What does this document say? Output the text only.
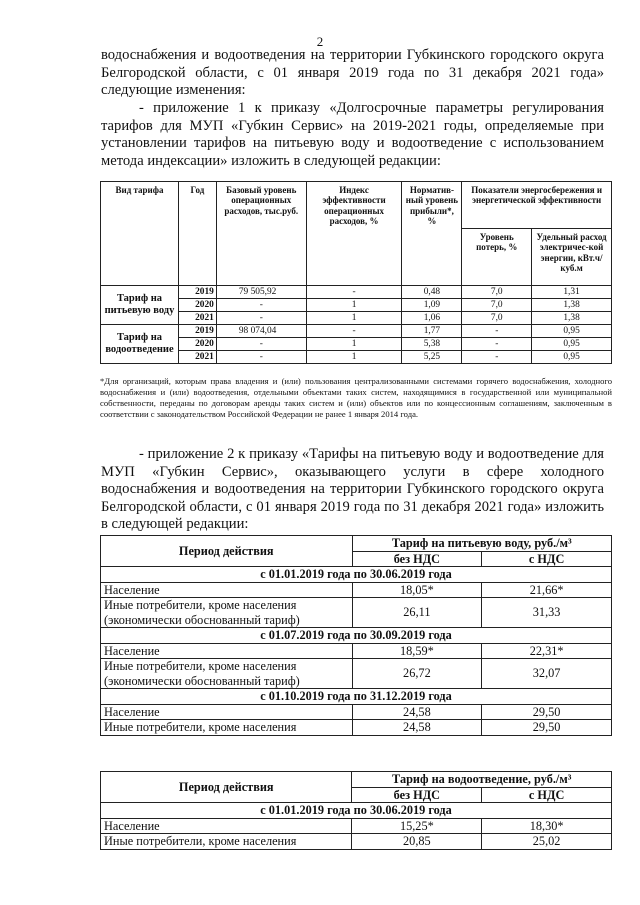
2

водоснабжения и водоотведения на территории Губкинского городского округа

Белгородской области, с 01 января 2019 года по 31 декабря 2021 года»

следующие изменения:

- приложение 1 к приказу «Долгосрочные параметры регулирования тарифов для МУП «Губкин Сервис» на 2019-2021 годы, определяемые при установлении тарифов на питьевую воду и водоотведение с использованием метода индексации» изложить в следующей редакции:

Вид тарифа	Год	Базовый уровень операционных расходов, тыс.руб.	Индекс эффективности операционных расходов, %	Норматив-ный уровень прибыли*, %	Показатели энергосбережения и энергетической эффективности	
					Уровень потерь, %	Удельный расход электричес-кой энергии, кВт.ч/куб.м
Тариф на питьевую воду	2019	79 505,92	-	0,48	7,0	1,31
	2020	-	1	1,09	7,0	1,38
	2021	-	1	1,06	7,0	1,38
Тариф на водоотведение	2019	98 074,04	-	1,77	-	0,95
	2020	-	1	5,38	-	0,95
	2021	-	1	5,25	-	0,95

*Для организаций, которым права владения и (или) пользования централизованными системами горячего водоснабжения, холодного водоснабжения и (или) водоотведения, отдельными объектами таких систем, находящимися в государственной или муниципальной собственности, переданы по договорам аренды таких систем и (или) объектов или по концессионным соглашениям, заключенным в соответствии с законодательством Российской Федерации не ранее 1 января 2014 года.

- приложение 2 к приказу «Тарифы на питьевую воду и водоотведение для МУП «Губкин Сервис», оказывающего услуги в сфере холодного водоснабжения и водоотведения на территории Губкинского городского округа Белгородской области, с 01 января 2019 года по 31 декабря 2021 года» изложить в следующей редакции:

Период действия	Тариф на питьевую воду, руб./м³	
	без НДС	с НДС
с 01.01.2019 года по 30.06.2019 года		
Население	18,05*	21,66*
Иные потребители, кроме населения (экономически обоснованный тариф)	26,11	31,33
с 01.07.2019 года по 30.09.2019 года		
Население	18,59*	22,31*
Иные потребители, кроме населения (экономически обоснованный тариф)	26,72	32,07
с 01.10.2019 года по 31.12.2019 года		
Население	24,58	29,50
Иные потребители, кроме населения	24,58	29,50
Период действия	Тариф на водоотведение, руб./м³	
	без НДС	с НДС
с 01.01.2019 года по 30.06.2019 года		
Население	15,25*	18,30*
Иные потребители, кроме населения	20,85	25,02
